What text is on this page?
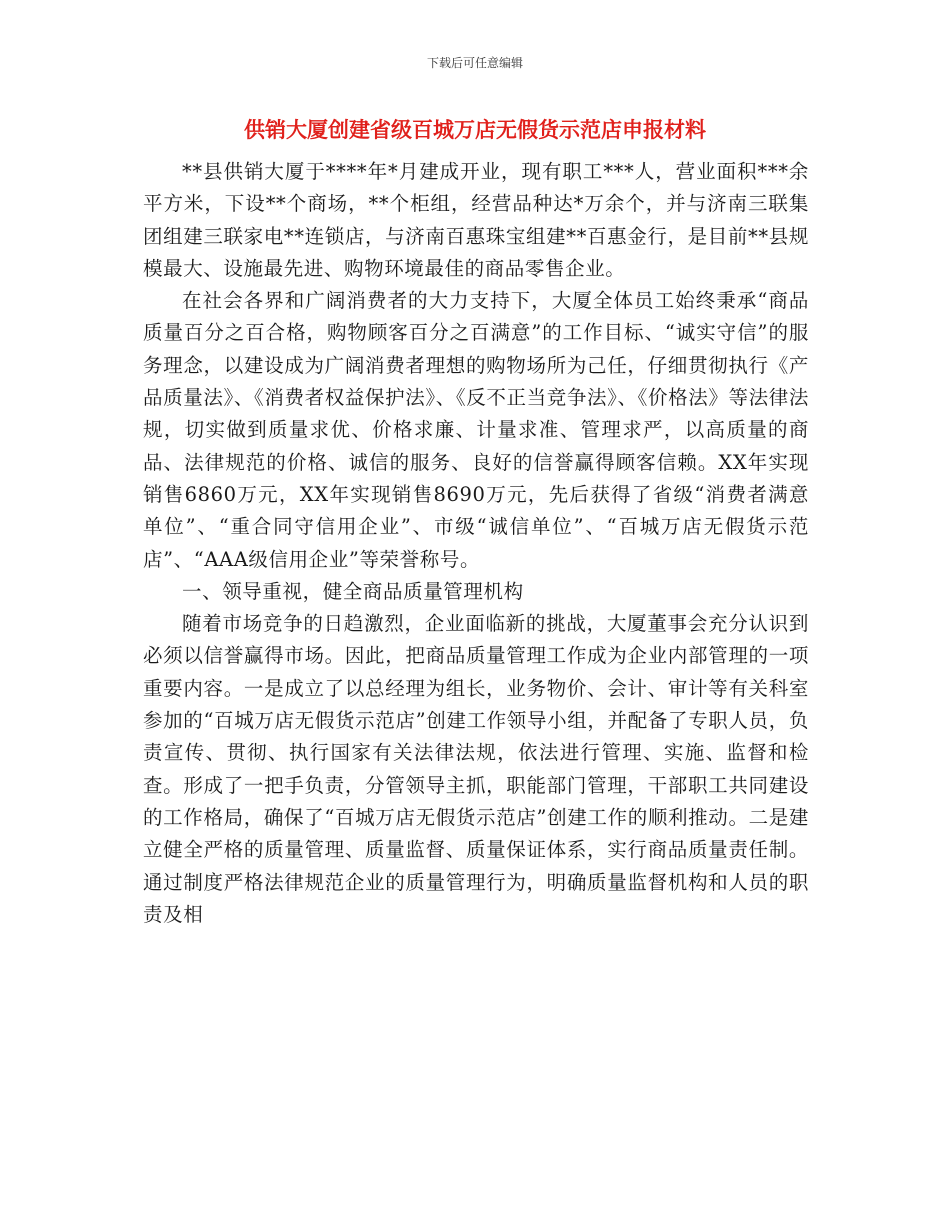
下载后可任意编辑
供销大厦创建省级百城万店无假货示范店申报材料

**县供销大厦于****年*月建成开业，现有职工***人，营业面积***余平方米，下设**个商场，**个柜组，经营品种达*万余个，并与济南三联集团组建三联家电**连锁店，与济南百惠珠宝组建**百惠金行，是目前**县规模最大、设施最先进、购物环境最佳的商品零售企业。

在社会各界和广阔消费者的大力支持下，大厦全体员工始终秉承“商品质量百分之百合格，购物顾客百分之百满意”的工作目标、“诚实守信”的服务理念，以建设成为广阔消费者理想的购物场所为己任，仔细贯彻执行《产品质量法》、《消费者权益保护法》、《反不正当竞争法》、《价格法》等法律法规，切实做到质量求优、价格求廉、计量求准、管理求严，以高质量的商品、法律规范的价格、诚信的服务、良好的信誉赢得顾客信赖。XX年实现销售6860万元，XX年实现销售8690万元，先后获得了省级“消费者满意单位”、“重合同守信用企业”、市级“诚信单位”、“百城万店无假货示范店”、“AAA级信用企业”等荣誉称号。

一、领导重视，健全商品质量管理机构

随着市场竞争的日趋激烈，企业面临新的挑战，大厦董事会充分认识到必须以信誉赢得市场。因此，把商品质量管理工作成为企业内部管理的一项重要内容。一是成立了以总经理为组长，业务物价、会计、审计等有关科室参加的“百城万店无假货示范店”创建工作领导小组，并配备了专职人员，负责宣传、贯彻、执行国家有关法律法规，依法进行管理、实施、监督和检查。形成了一把手负责，分管领导主抓，职能部门管理，干部职工共同建设的工作格局，确保了“百城万店无假货示范店”创建工作的顺利推动。二是建立健全严格的质量管理、质量监督、质量保证体系，实行商品质量责任制。通过制度严格法律规范企业的质量管理行为，明确质量监督机构和人员的职责及相
